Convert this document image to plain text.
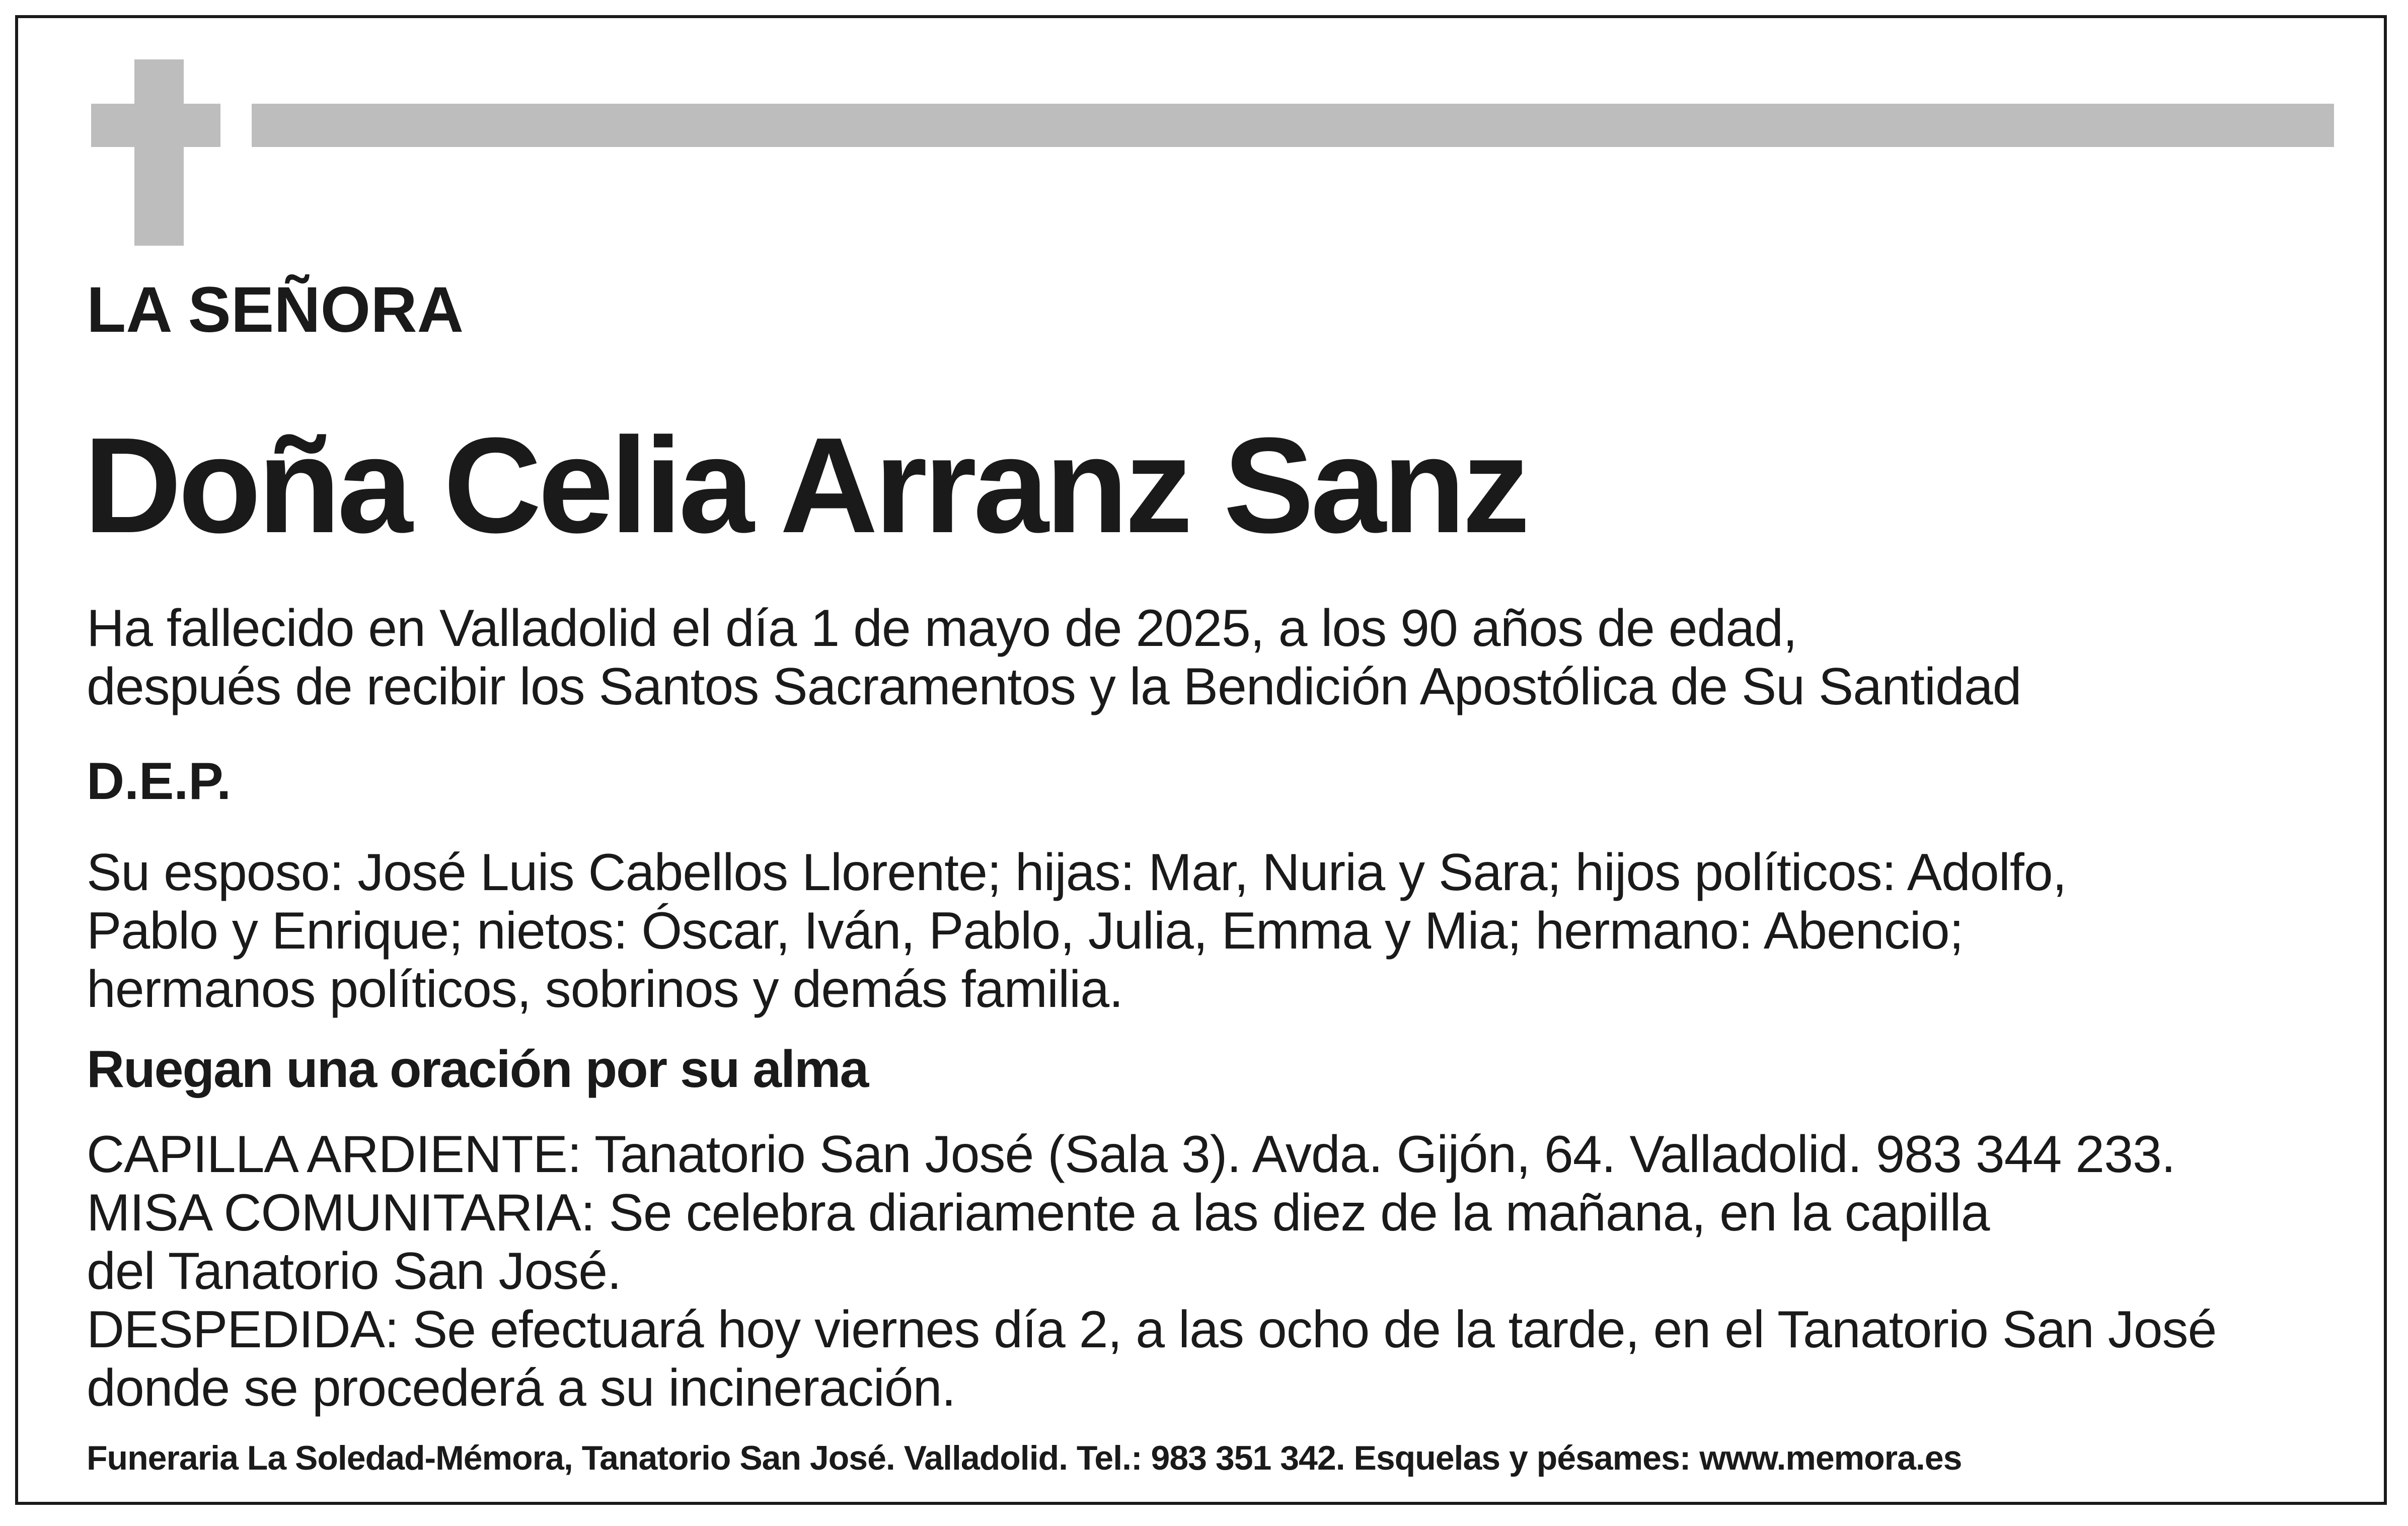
LA SEÑORA
Doña Celia Arranz Sanz
Ha fallecido en Valladolid el día 1 de mayo de 2025, a los 90 años de edad,
después de recibir los Santos Sacramentos y la Bendición Apostólica de Su Santidad
D.E.P.
Su esposo: José Luis Cabellos Llorente; hijas: Mar, Nuria y Sara; hijos políticos: Adolfo,
Pablo y Enrique; nietos: Óscar, Iván, Pablo, Julia, Emma y Mia; hermano: Abencio;
hermanos políticos, sobrinos y demás familia.
Ruegan una oración por su alma
CAPILLA ARDIENTE: Tanatorio San José (Sala 3). Avda. Gijón, 64. Valladolid. 983 344 233.
MISA COMUNITARIA: Se celebra diariamente a las diez de la mañana, en la capilla
del Tanatorio San José.
DESPEDIDA: Se efectuará hoy viernes día 2, a las ocho de la tarde, en el Tanatorio San José
donde se procederá a su incineración.
Funeraria La Soledad-Mémora, Tanatorio San José. Valladolid. Tel.: 983 351 342. Esquelas y pésames: www.memora.es
